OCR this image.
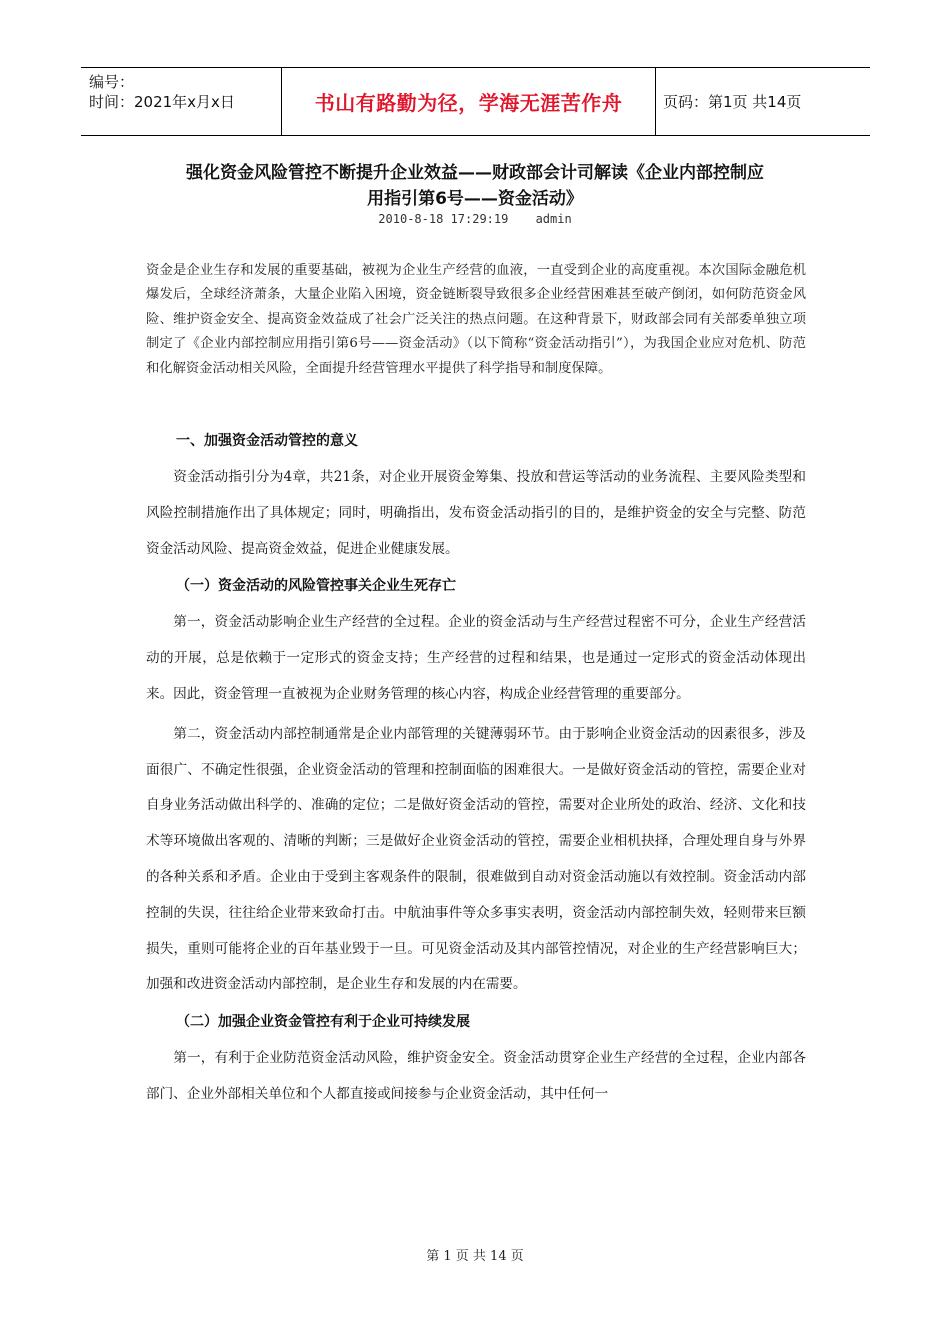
编号：
时间：2021年x月x日	书山有路勤为径，学海无涯苦作舟	页码：第1页 共14页
强化资金风险管控不断提升企业效益——财政部会计司解读《企业内部控制应
用指引第6号——资金活动》
2010-8-18 17:29:19 admin

资金是企业生存和发展的重要基础，被视为企业生产经营的血液，一直受到企业的高度重视。本次国际金融危机爆发后，全球经济萧条，大量企业陷入困境，资金链断裂导致很多企业经营困难甚至破产倒闭，如何防范资金风险、维护资金安全、提高资金效益成了社会广泛关注的热点问题。在这种背景下，财政部会同有关部委单独立项制定了《企业内部控制应用指引第6号——资金活动》（以下简称“资金活动指引”），为我国企业应对危机、防范和化解资金活动相关风险，全面提升经营管理水平提供了科学指导和制度保障。

一、加强资金活动管控的意义

资金活动指引分为4章，共21条，对企业开展资金筹集、投放和营运等活动的业务流程、主要风险类型和风险控制措施作出了具体规定；同时，明确指出，发布资金活动指引的目的，是维护资金的安全与完整、防范资金活动风险、提高资金效益，促进企业健康发展。

（一）资金活动的风险管控事关企业生死存亡

第一，资金活动影响企业生产经营的全过程。企业的资金活动与生产经营过程密不可分，企业生产经营活动的开展，总是依赖于一定形式的资金支持；生产经营的过程和结果，也是通过一定形式的资金活动体现出来。因此，资金管理一直被视为企业财务管理的核心内容，构成企业经营管理的重要部分。

第二，资金活动内部控制通常是企业内部管理的关键薄弱环节。由于影响企业资金活动的因素很多，涉及面很广、不确定性很强，企业资金活动的管理和控制面临的困难很大。一是做好资金活动的管控，需要企业对自身业务活动做出科学的、准确的定位；二是做好资金活动的管控，需要对企业所处的政治、经济、文化和技术等环境做出客观的、清晰的判断；三是做好企业资金活动的管控，需要企业相机抉择，合理处理自身与外界的各种关系和矛盾。企业由于受到主客观条件的限制，很难做到自动对资金活动施以有效控制。资金活动内部控制的失误，往往给企业带来致命打击。中航油事件等众多事实表明，资金活动内部控制失效，轻则带来巨额损失，重则可能将企业的百年基业毁于一旦。可见资金活动及其内部管控情况，对企业的生产经营影响巨大；加强和改进资金活动内部控制，是企业生存和发展的内在需要。

（二）加强企业资金管控有利于企业可持续发展

第一，有利于企业防范资金活动风险，维护资金安全。资金活动贯穿企业生产经营的全过程，企业内部各部门、企业外部相关单位和个人都直接或间接参与企业资金活动，其中任何一

第 1 页 共 14 页
